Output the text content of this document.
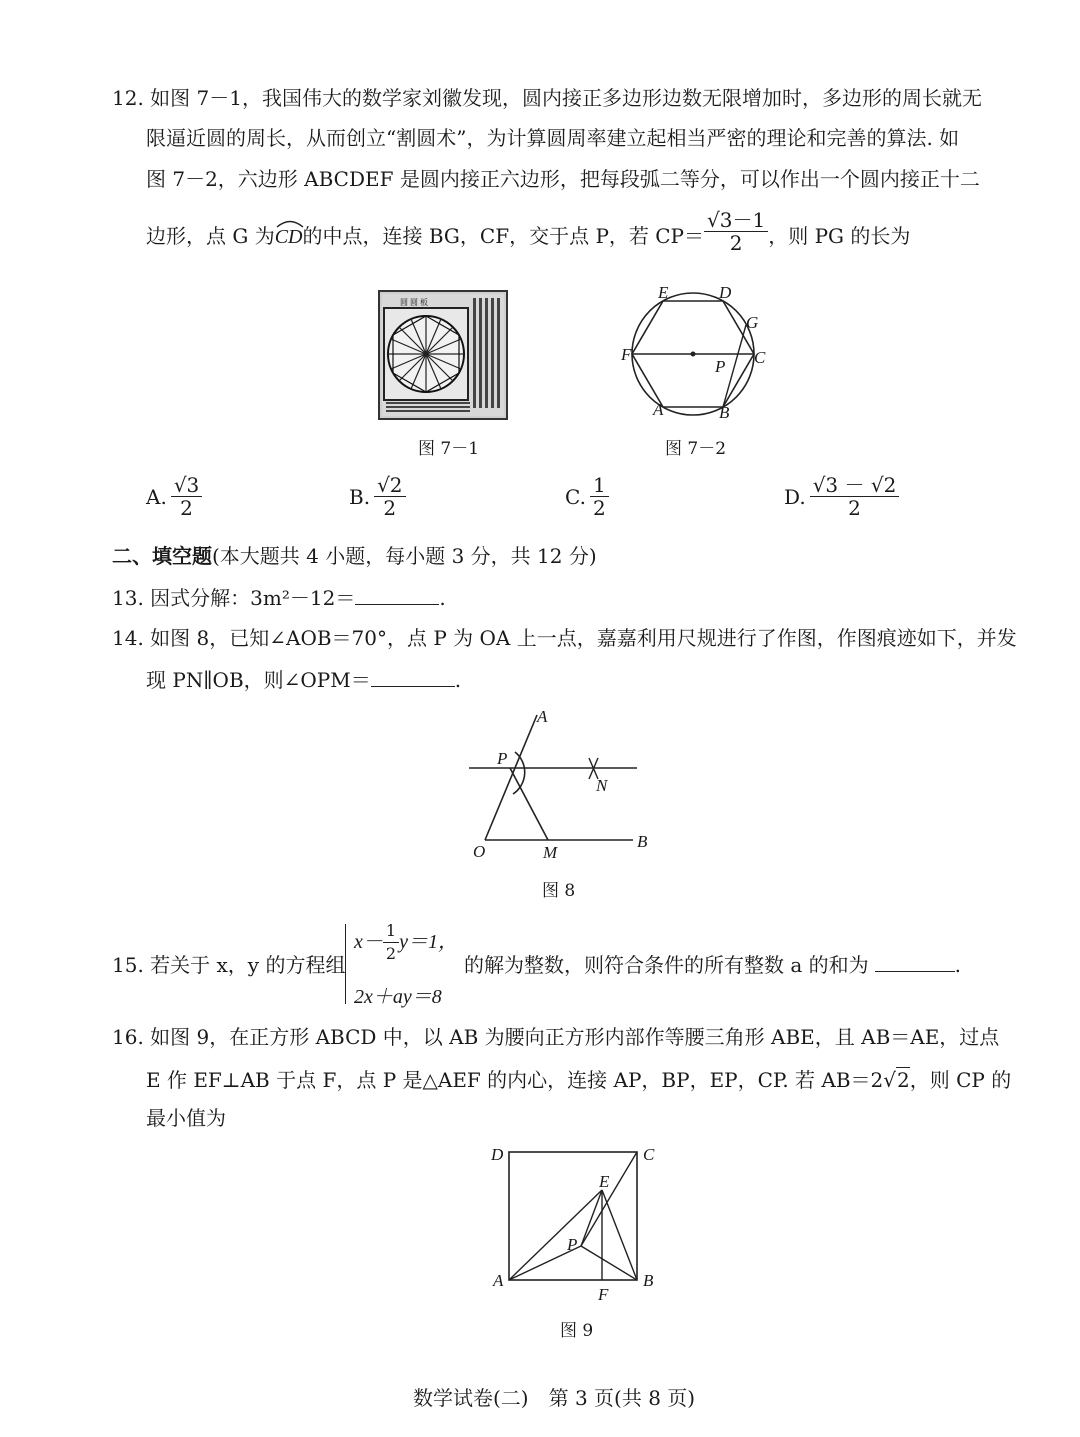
12. 如图 7－1，我国伟大的数学家刘徽发现，圆内接正多边形边数无限增加时，多边形的周长就无
限逼近圆的周长，从而创立“割圆术”，为计算圆周率建立起相当严密的理论和完善的算法. 如
图 7－2，六边形 ABCDEF 是圆内接正六边形，把每段弧二等分，可以作出一个圆内接正十二
边形，点 G 为
CD的中点，连接 BG，CF，交于点 P，若 $CP= \frac{√3-1}{2}$ ，则 PG 的长为
圆 圆 板
图 7－1
E	D
G
F	C
P
A	B
图 7－2
A. $\frac{√3}{2}$	B. $\frac{√2}{2}$	C. $\frac{1}{2}$	D. $\frac{√3 - √2}{2}$
二、填空题(本大题共 4 小题，每小题 3 分，共 12 分)
13. 因式分解：3m²－12＝	.
14. 如图 8，已知∠AOB＝70°，点 P 为 OA 上一点，嘉嘉利用尺规进行了作图，作图痕迹如下，并发
现 PN∥OB，则∠OPM＝	.
A
P
N
O	M
B
图 8
15. 若关于 x，y 的方程组
$x- \frac{1}{2} y=1$，
2x＋ay＝8
的解为整数，则符合条件的所有整数 a 的和为	.
16. 如图 9，在正方形 ABCD 中，以 AB 为腰向正方形内部作等腰三角形 ABE，且 AB＝AE，过点
E 作 EF⊥AB 于点 F，点 P 是△AEF 的内心，连接 AP，BP，EP，CP. 若 AB＝2√2，则 CP 的
最小值为
D	C
E
P
A	B
F
图 9
数学试卷(二)　第 3 页(共 8 页)
